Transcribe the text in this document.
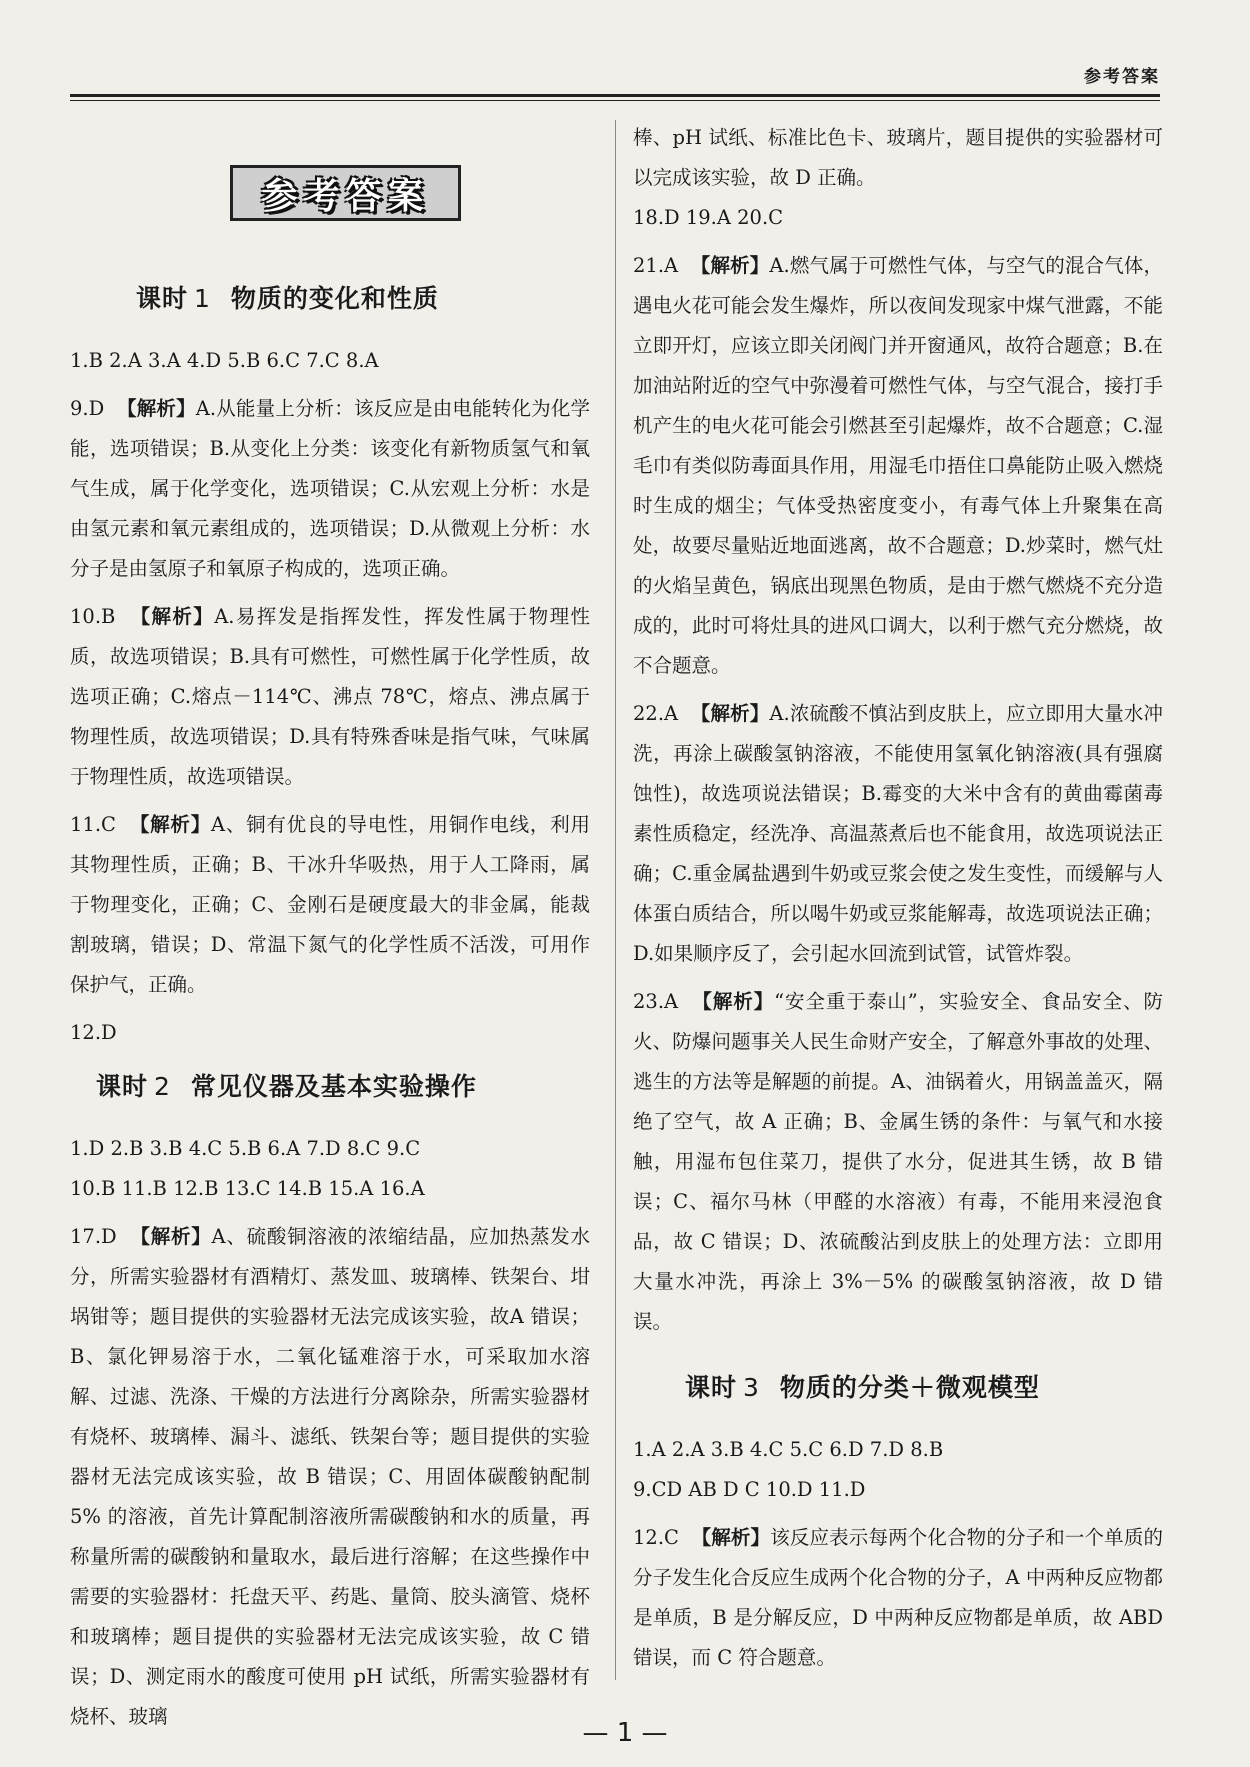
参考答案
参考答案
课时 1 物质的变化和性质

1.B 2.A 3.A 4.D 5.B 6.C 7.C 8.A

9.D  【解析】A.从能量上分析：该反应是由电能转化为化学能，选项错误；B.从变化上分类：该变化有新物质氢气和氧气生成，属于化学变化，选项错误；C.从宏观上分析：水是由氢元素和氧元素组成的，选项错误；D.从微观上分析：水分子是由氢原子和氧原子构成的，选项正确。

10.B  【解析】A.易挥发是指挥发性，挥发性属于物理性质，故选项错误；B.具有可燃性，可燃性属于化学性质，故选项正确；C.熔点－114℃、沸点 78℃，熔点、沸点属于物理性质，故选项错误；D.具有特殊香味是指气味，气味属于物理性质，故选项错误。

11.C  【解析】A、铜有优良的导电性，用铜作电线，利用其物理性质，正确；B、干冰升华吸热，用于人工降雨，属于物理变化，正确；C、金刚石是硬度最大的非金属，能裁割玻璃，错误；D、常温下氮气的化学性质不活泼，可用作保护气，正确。

12.D

课时 2 常见仪器及基本实验操作

1.D 2.B 3.B 4.C 5.B 6.A 7.D 8.C 9.C

10.B 11.B 12.B 13.C 14.B 15.A 16.A

17.D  【解析】A、硫酸铜溶液的浓缩结晶，应加热蒸发水分，所需实验器材有酒精灯、蒸发皿、玻璃棒、铁架台、坩埚钳等；题目提供的实验器材无法完成该实验，故A 错误；B、氯化钾易溶于水，二氧化锰难溶于水，可采取加水溶解、过滤、洗涤、干燥的方法进行分离除杂，所需实验器材有烧杯、玻璃棒、漏斗、滤纸、铁架台等；题目提供的实验器材无法完成该实验，故 B 错误；C、用固体碳酸钠配制 5% 的溶液，首先计算配制溶液所需碳酸钠和水的质量，再称量所需的碳酸钠和量取水，最后进行溶解；在这些操作中需要的实验器材：托盘天平、药匙、量筒、胶头滴管、烧杯和玻璃棒；题目提供的实验器材无法完成该实验，故 C 错误；D、测定雨水的酸度可使用 pH 试纸，所需实验器材有烧杯、玻璃

棒、pH 试纸、标准比色卡、玻璃片，题目提供的实验器材可以完成该实验，故 D 正确。

18.D 19.A 20.C

21.A  【解析】A.燃气属于可燃性气体，与空气的混合气体，遇电火花可能会发生爆炸，所以夜间发现家中煤气泄露，不能立即开灯，应该立即关闭阀门并开窗通风，故符合题意；B.在加油站附近的空气中弥漫着可燃性气体，与空气混合，接打手机产生的电火花可能会引燃甚至引起爆炸，故不合题意；C.湿毛巾有类似防毒面具作用，用湿毛巾捂住口鼻能防止吸入燃烧时生成的烟尘；气体受热密度变小，有毒气体上升聚集在高处，故要尽量贴近地面逃离，故不合题意；D.炒菜时，燃气灶的火焰呈黄色，锅底出现黑色物质，是由于燃气燃烧不充分造成的，此时可将灶具的进风口调大，以利于燃气充分燃烧，故不合题意。

22.A  【解析】A.浓硫酸不慎沾到皮肤上，应立即用大量水冲洗，再涂上碳酸氢钠溶液，不能使用氢氧化钠溶液(具有强腐蚀性)，故选项说法错误；B.霉变的大米中含有的黄曲霉菌毒素性质稳定，经洗净、高温蒸煮后也不能食用，故选项说法正确；C.重金属盐遇到牛奶或豆浆会使之发生变性，而缓解与人体蛋白质结合，所以喝牛奶或豆浆能解毒，故选项说法正确；D.如果顺序反了，会引起水回流到试管，试管炸裂。

23.A  【解析】“安全重于泰山”，实验安全、食品安全、防火、防爆问题事关人民生命财产安全，了解意外事故的处理、逃生的方法等是解题的前提。A、油锅着火，用锅盖盖灭，隔绝了空气，故 A 正确；B、金属生锈的条件：与氧气和水接触，用湿布包住菜刀，提供了水分，促进其生锈，故 B 错误；C、福尔马林（甲醛的水溶液）有毒，不能用来浸泡食品，故 C 错误；D、浓硫酸沾到皮肤上的处理方法：立即用大量水冲洗，再涂上 3%－5% 的碳酸氢钠溶液，故 D 错误。

课时 3 物质的分类＋微观模型

1.A 2.A 3.B 4.C 5.C 6.D 7.D 8.B

9.CD AB D C 10.D 11.D

12.C  【解析】该反应表示每两个化合物的分子和一个单质的分子发生化合反应生成两个化合物的分子，A 中两种反应物都是单质，B 是分解反应，D 中两种反应物都是单质，故 ABD 错误，而 C 符合题意。

— 1 —
